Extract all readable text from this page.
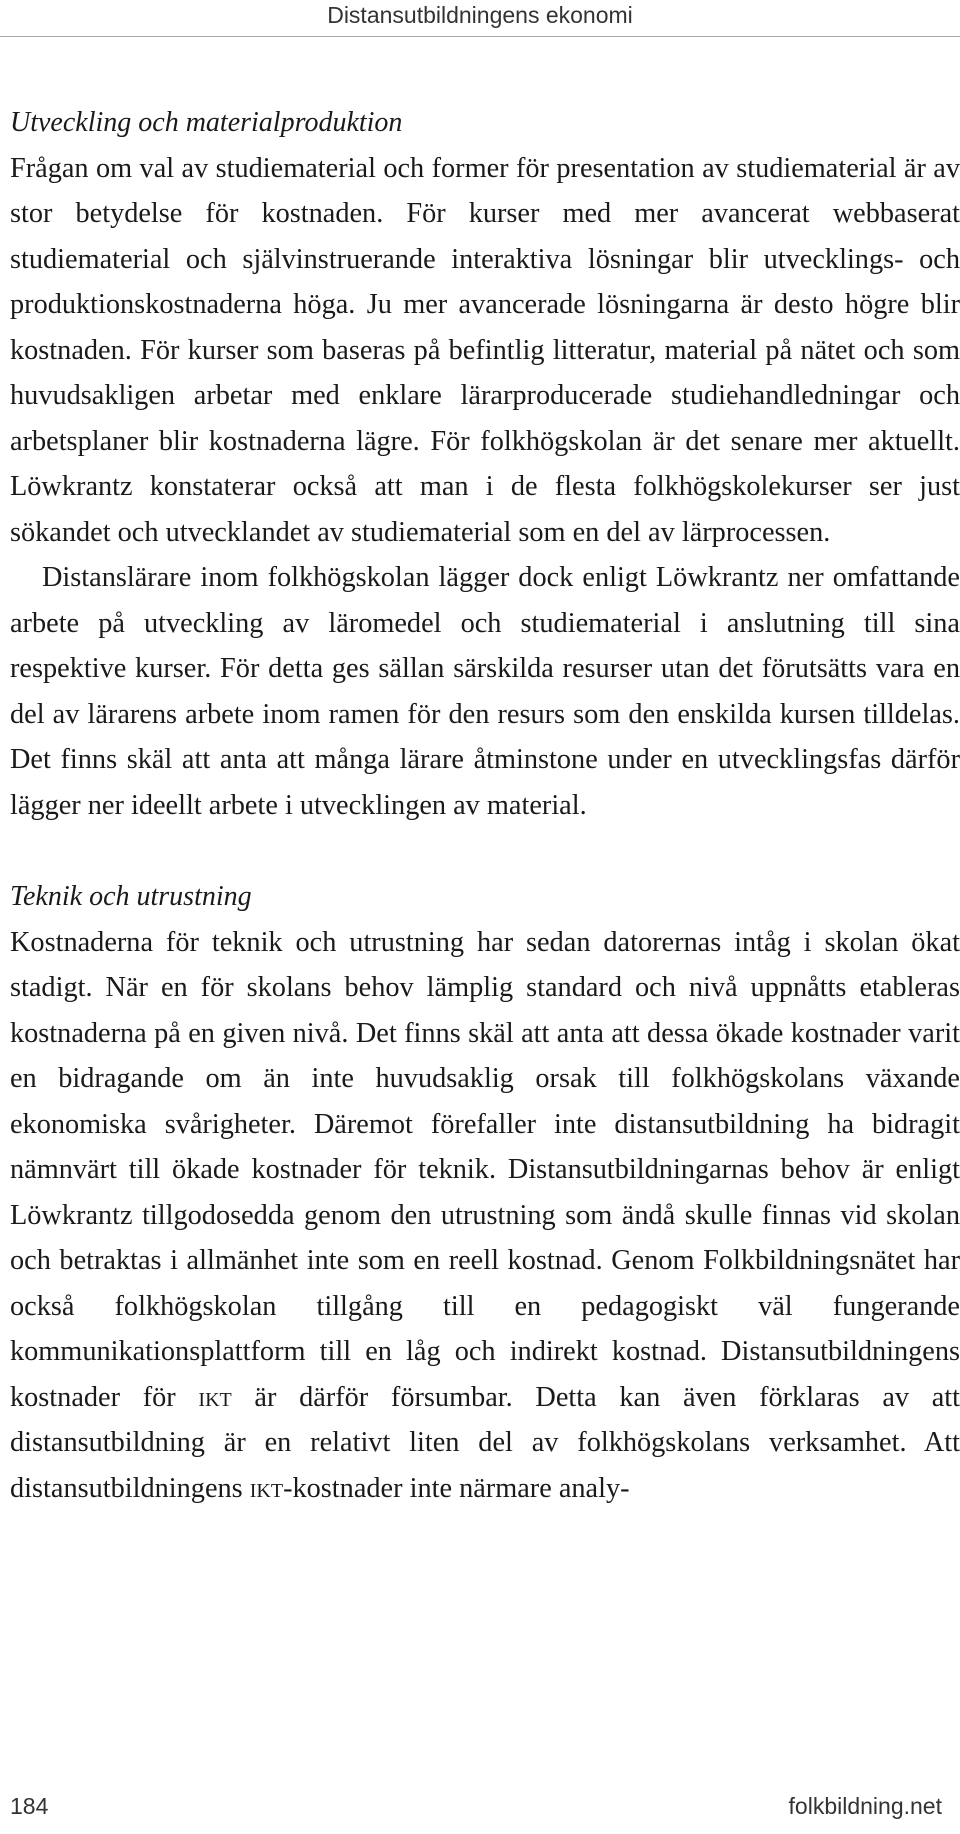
Distansutbildningens ekonomi
Utveckling och materialproduktion

Frågan om val av studiematerial och former för presentation av studiematerial är av stor betydelse för kostnaden. För kurser med mer avancerat webbaserat studiematerial och självinstruerande interaktiva lösningar blir utvecklings- och produktionskostnaderna höga. Ju mer avancerade lösningarna är desto högre blir kostnaden. För kurser som baseras på befintlig litteratur, material på nätet och som huvudsakligen arbetar med enklare lärarproducerade studiehandledningar och arbetsplaner blir kostnaderna lägre. För folkhögskolan är det senare mer aktuellt. Löwkrantz konstaterar också att man i de flesta folkhögskolekurser ser just sökandet och utvecklandet av studiematerial som en del av lärprocessen.

Distanslärare inom folkhögskolan lägger dock enligt Löwkrantz ner omfattande arbete på utveckling av läromedel och studiematerial i anslutning till sina respektive kurser. För detta ges sällan särskilda resurser utan det förutsätts vara en del av lärarens arbete inom ramen för den resurs som den enskilda kursen tilldelas. Det finns skäl att anta att många lärare åtminstone under en utvecklingsfas därför lägger ner ideellt arbete i utvecklingen av material.

Teknik och utrustning

Kostnaderna för teknik och utrustning har sedan datorernas intåg i skolan ökat stadigt. När en för skolans behov lämplig standard och nivå uppnåtts etableras kostnaderna på en given nivå. Det finns skäl att anta att dessa ökade kostnader varit en bidragande om än inte huvudsaklig orsak till folkhögskolans växande ekonomiska svårigheter. Däremot förefaller inte distansutbildning ha bidragit nämnvärt till ökade kostnader för teknik. Distansutbildningarnas behov är enligt Löwkrantz tillgodosedda genom den utrustning som ändå skulle finnas vid skolan och betraktas i allmänhet inte som en reell kostnad. Genom Folkbildningsnätet har också folkhögskolan tillgång till en pedagogiskt väl fungerande kommunikationsplattform till en låg och indirekt kostnad. Distansutbildningens kostnader för ikt är därför försumbar. Detta kan även förklaras av att distansutbildning är en relativt liten del av folkhögskolans verksamhet. Att distansutbildningens ikt-kostnader inte närmare analy-

184	folkbildning.net
